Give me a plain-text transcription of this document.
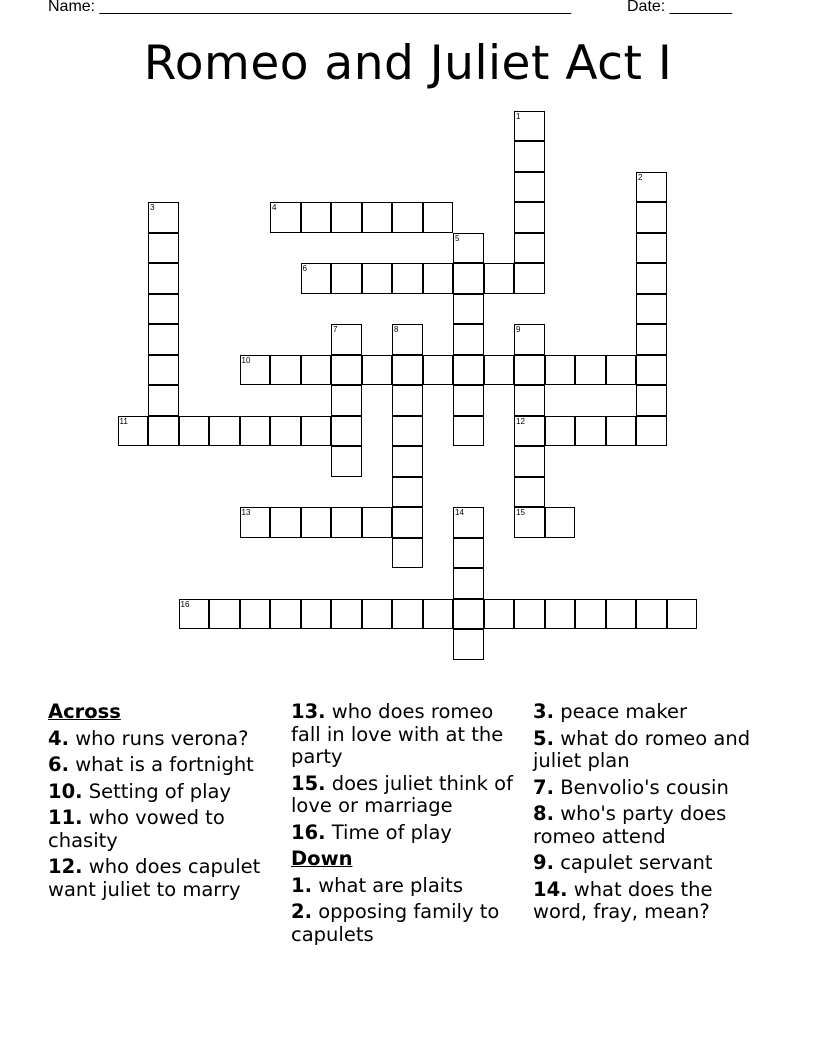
Name: _____________________________________________________	Date: _______
Romeo and Juliet Act I
4
6
10
11	12
13	15
16
1
2
3
5
7	8	9
14
Across
4. who runs verona?
6. what is a fortnight
10. Setting of play
11. who vowed to chasity
12. who does capulet want juliet to marry
13. who does romeo fall in love with at the party
15. does juliet think of love or marriage
16. Time of play
Down
1. what are plaits
2. opposing family to capulets
3. peace maker
5. what do romeo and juliet plan
7. Benvolio's cousin
8. who's party does romeo attend
9. capulet servant
14. what does the word, fray, mean?
